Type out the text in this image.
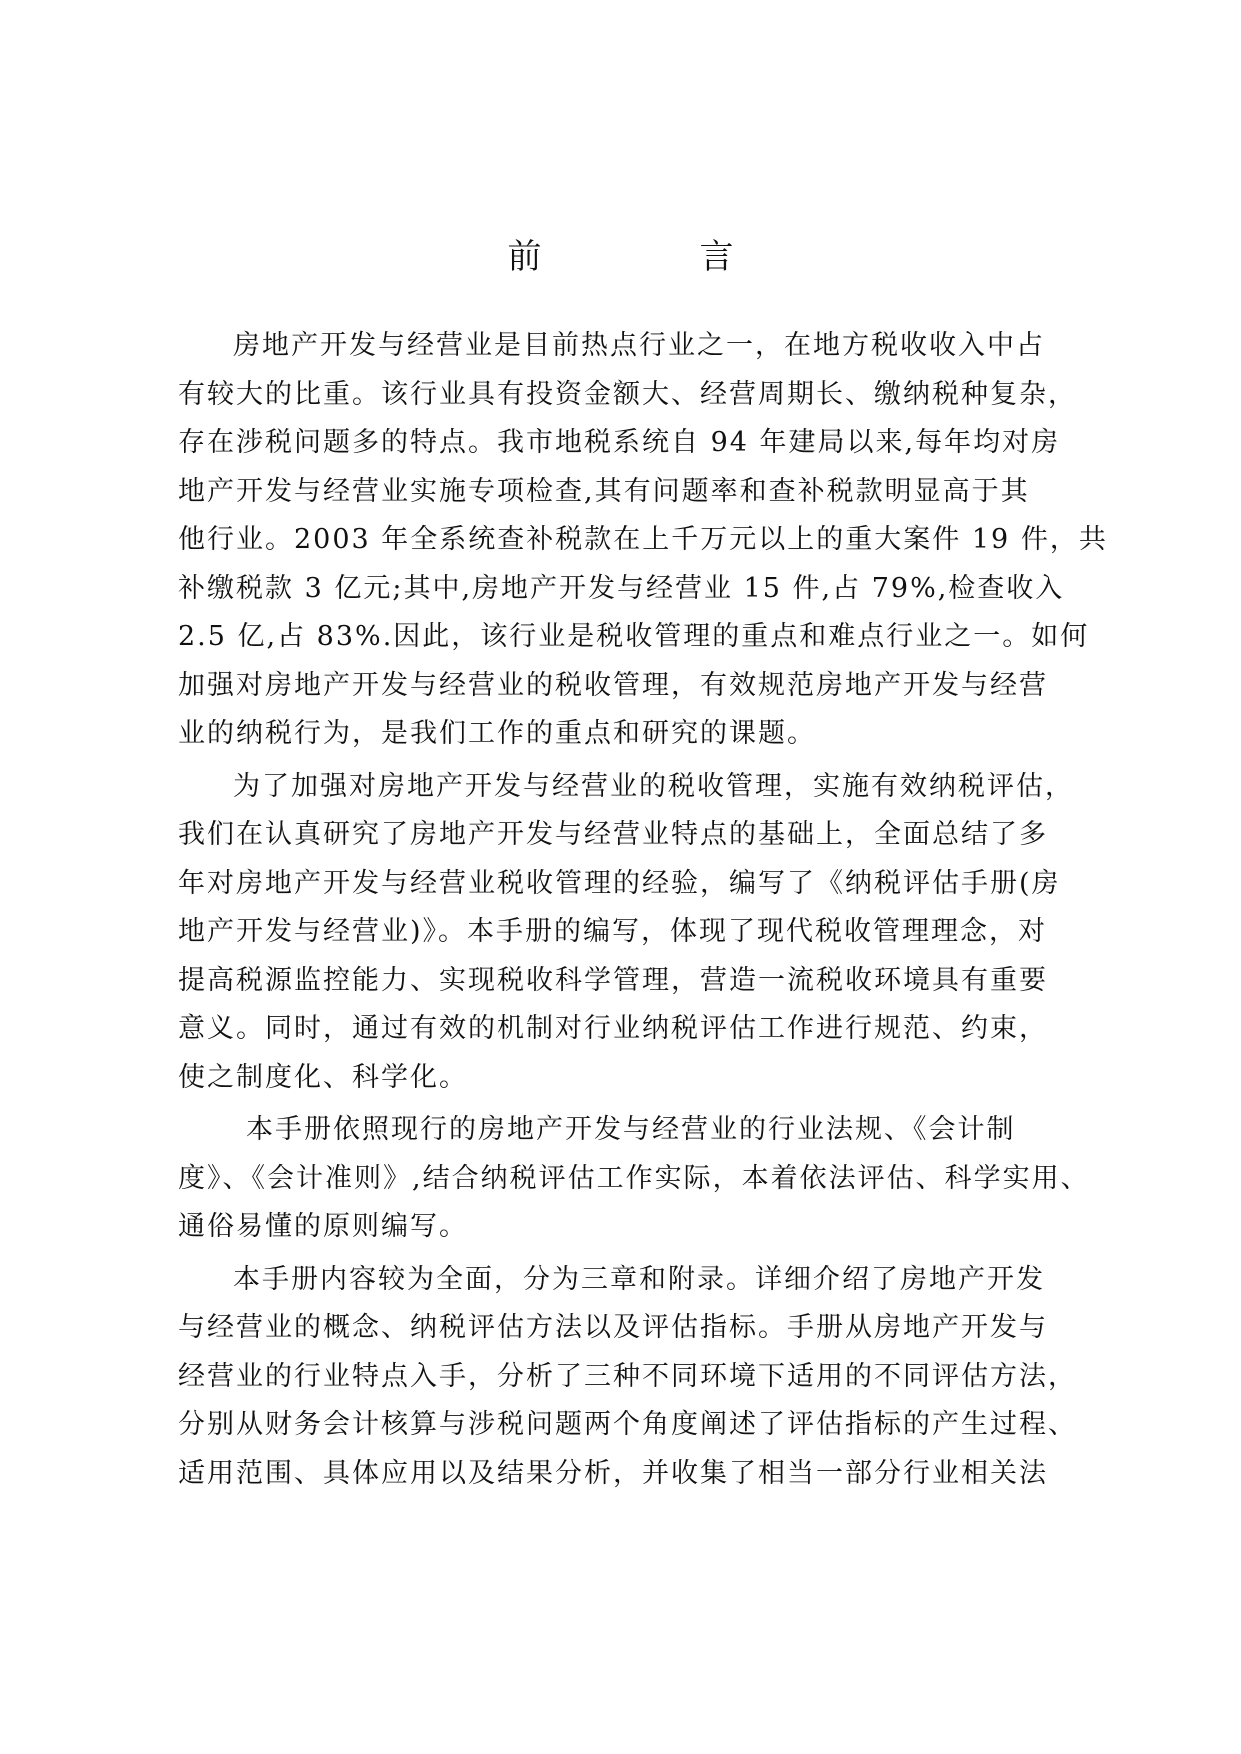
前　言
房地产开发与经营业是目前热点行业之一，在地方税收收入中占
有较大的比重。该行业具有投资金额大、经营周期长、缴纳税种复杂，
存在涉税问题多的特点。我市地税系统自 94 年建局以来,每年均对房
地产开发与经营业实施专项检查,其有问题率和查补税款明显高于其
他行业。2003 年全系统查补税款在上千万元以上的重大案件 19 件，共
补缴税款 3 亿元;其中,房地产开发与经营业 15 件,占 79%,检查收入
2.5 亿,占 83%.因此，该行业是税收管理的重点和难点行业之一。如何
加强对房地产开发与经营业的税收管理，有效规范房地产开发与经营
业的纳税行为，是我们工作的重点和研究的课题。
为了加强对房地产开发与经营业的税收管理，实施有效纳税评估，
我们在认真研究了房地产开发与经营业特点的基础上，全面总结了多
年对房地产开发与经营业税收管理的经验，编写了《纳税评估手册(房
地产开发与经营业)》。本手册的编写，体现了现代税收管理理念，对
提高税源监控能力、实现税收科学管理，营造一流税收环境具有重要
意义。同时，通过有效的机制对行业纳税评估工作进行规范、约束，
使之制度化、科学化。
本手册依照现行的房地产开发与经营业的行业法规、《会计制
度》、《会计准则》,结合纳税评估工作实际，本着依法评估、科学实用、
通俗易懂的原则编写。
本手册内容较为全面，分为三章和附录。详细介绍了房地产开发
与经营业的概念、纳税评估方法以及评估指标。手册从房地产开发与
经营业的行业特点入手，分析了三种不同环境下适用的不同评估方法，
分别从财务会计核算与涉税问题两个角度阐述了评估指标的产生过程、
适用范围、具体应用以及结果分析，并收集了相当一部分行业相关法
